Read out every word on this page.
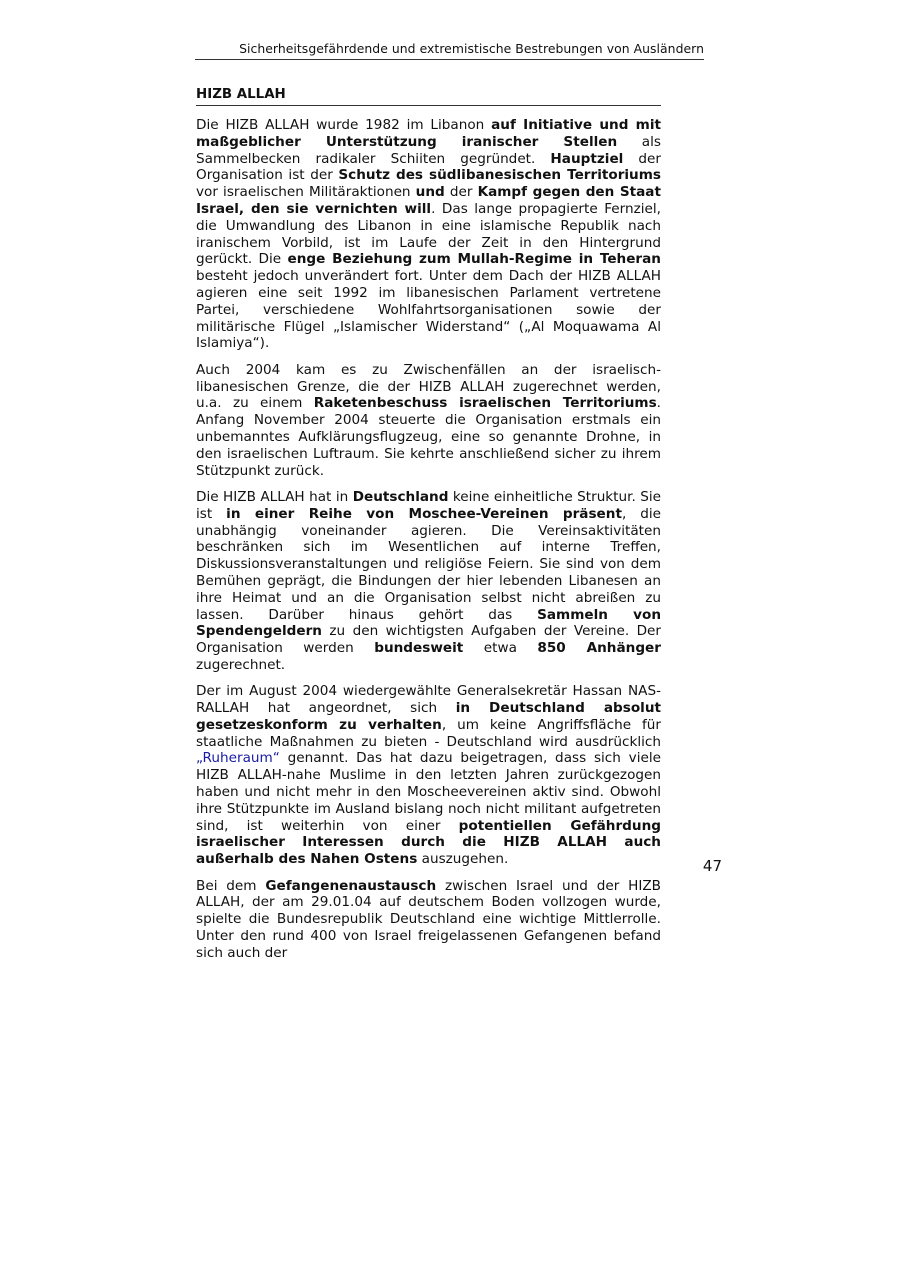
Sicherheitsgefährdende und extremistische Bestrebungen von Ausländern
HIZB ALLAH

Die HIZB ALLAH wurde 1982 im Libanon auf Initiative und mit maßgeblicher Unterstützung iranischer Stellen als Sammelbecken radikaler Schiiten gegründet. Hauptziel der Organisation ist der Schutz des südlibanesischen Territoriums vor israelischen Militäraktionen und der Kampf gegen den Staat Israel, den sie vernichten will. Das lange propagierte Fernziel, die Umwandlung des Libanon in eine islamische Republik nach iranischem Vorbild, ist im Laufe der Zeit in den Hintergrund gerückt. Die enge Beziehung zum Mullah-Regime in Teheran besteht jedoch unverändert fort. Unter dem Dach der HIZB ALLAH agieren eine seit 1992 im libanesischen Parlament vertretene Partei, verschiedene Wohlfahrtsorganisationen sowie der militärische Flügel „Islamischer Widerstand“ („Al Moquawama Al Islamiya“).

Auch 2004 kam es zu Zwischenfällen an der israelisch-libanesischen Grenze, die der HIZB ALLAH zugerechnet werden, u.a. zu einem Raketenbeschuss israelischen Territoriums. Anfang November 2004 steuerte die Organisation erstmals ein unbemanntes Aufklärungsflugzeug, eine so genannte Drohne, in den israelischen Luftraum. Sie kehrte anschließend sicher zu ihrem Stützpunkt zurück.

Die HIZB ALLAH hat in Deutschland keine einheitliche Struktur. Sie ist in einer Reihe von Moschee-Vereinen präsent, die unabhängig voneinander agieren. Die Vereinsaktivitäten beschränken sich im Wesentlichen auf interne Treffen, Diskussionsveranstaltungen und religiöse Feiern. Sie sind von dem Bemühen geprägt, die Bindungen der hier lebenden Libanesen an ihre Heimat und an die Organisation selbst nicht abreißen zu lassen. Darüber hinaus gehört das Sammeln von Spendengeldern zu den wichtigsten Aufgaben der Vereine. Der Organisation werden bundesweit etwa 850 Anhänger zugerechnet.

Der im August 2004 wiedergewählte Generalsekretär Hassan NASRALLAH hat angeordnet, sich in Deutschland absolut gesetzeskonform zu verhalten, um keine Angriffsfläche für staatliche Maßnahmen zu bieten - Deutschland wird ausdrücklich „Ruheraum“ genannt. Das hat dazu beigetragen, dass sich viele HIZB ALLAH-nahe Muslime in den letzten Jahren zurückgezogen haben und nicht mehr in den Moscheevereinen aktiv sind. Obwohl ihre Stützpunkte im Ausland bislang noch nicht militant aufgetreten sind, ist weiterhin von einer potentiellen Gefährdung israelischer Interessen durch die HIZB ALLAH auch außerhalb des Nahen Ostens auszugehen.

Bei dem Gefangenenaustausch zwischen Israel und der HIZB ALLAH, der am 29.01.04 auf deutschem Boden vollzogen wurde, spielte die Bundesrepublik Deutschland eine wichtige Mittlerrolle. Unter den rund 400 von Israel freigelassenen Gefangenen befand sich auch der

47
